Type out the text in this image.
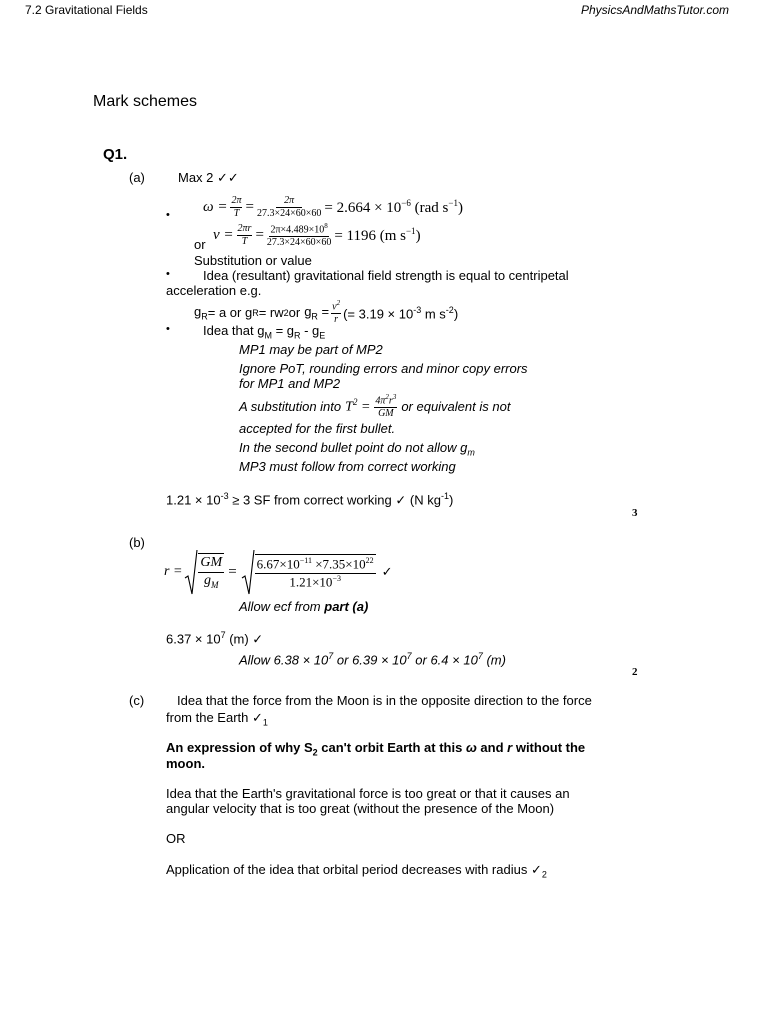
7.2 Gravitational Fields	PhysicsAndMathsTutor.com
Mark schemes
Q1.
(a)	Max 2 ✓✓
• $\omega = \frac{2\pi}{T} = \frac{2\pi}{27.3\times 24\times 60\times 60} = 2.664 \times 10^{-6}$ (rad $s^{-1}$)
or
$v = \frac{2\pi r}{T} = \frac{2\pi\times 4.489\times 10^8}{27.3\times 24\times 60\times 60} = 1196$ (m $s^{-1}$)
Substitution or value
•	Idea (resultant) gravitational field strength is equal to centripetal
acceleration e.g.
$g_R = a$ or g R = rw 2 or $g_R = \frac{v^2}{r}$ (= $3.19 \times 10^{-3}$ m $s^{-2}$)
•	Idea that $g_M = g_R - g_E$
MP1 may be part of MP2
Ignore PoT, rounding errors and minor copy errors
for MP1 and MP2
A substitution into $T^2 = \frac{4\pi^2r^3}{GM}$ or equivalent is not
accepted for the first bullet.
In the second bullet point do not allow $g_m$
MP3 must follow from correct working
$1.21 \times 10^{-3} \ge 3$ SF from correct working ✓ (N $kg^{-1}$)
3
(b)
$r = \frac{GM}{g_M} = \frac{6.67\times 10^{-11} \times 7.35\times 10^{22}}{1.21\times 10^{-3}}$ ✓
Allow ecf from part (a)
$6.37 \times 10^7$ (m) ✓
Allow $6.38 \times 10^7$ or $6.39 \times 10^7$ or $6.4 \times 10^7$ (m)
2
(c)	Idea that the force from the Moon is in the opposite direction to the force
from the Earth $✓_1$
An expression of why $S_2$ can't orbit Earth at this ω and r without the
moon.
Idea that the Earth's gravitational force is too great or that it causes an
angular velocity that is too great (without the presence of the Moon)
OR
Application of the idea that orbital period decreases with radius $✓_2$
